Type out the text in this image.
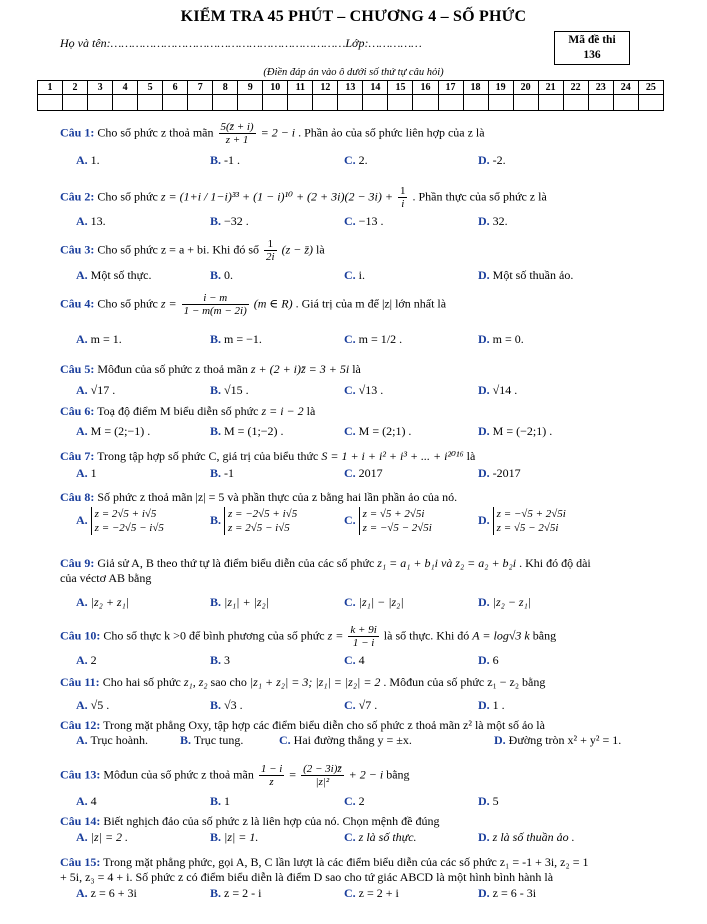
KIỂM TRA 45 PHÚT – CHƯƠNG 4 – SỐ PHỨC
Họ và tên:…………………………………………………………Lớp:……………	Mã đề thi
136
(Điền đáp án vào ô dưới số thứ tự câu hỏi)
1	2	3	4	5	6	7	8	9	10	11	12	13	14	15	16	17	18	19	20	21	22	23	24	25

Câu 1: Cho số phức z thoả mãn $\frac{5(z̄ + i)}{z + 1} = 2 - i$ . Phần ảo của số phức liên hợp của z là
A. 1.	B. -1 .	C. 2.	D. -2.
Câu 2: Cho số phức $z = (1+i / 1-i)^{33} + (1 - i)^{10} + (2 + 3i)(2 - 3i) + \frac{1}{i}$ . Phần thực của số phức z là
A. 13.	B. −32 .	C. −13 .	D. 32.
Câu 3: Cho số phức z = a + bi. Khi đó số $\frac{1}{2i} (z$ − z̄) là
A. Một số thực.	B. 0.	C. i.	D. Một số thuần ảo.
Câu 4: Cho số phức $z = \frac{i - m}{1 - m(m - 2i)} (m$ ∈ R) . Giá trị của m để |z| lớn nhất là
A. m = 1.	B. m = −1.	C. m = 1/2 .	D. m = 0.
Câu 5: Môđun của số phức z thoả mãn z + (2 + i)z̄ = 3 + 5i là
A. √17 .	B. √15 .	C. √13 .	D. √14 .
Câu 6: Toạ độ điểm M biểu diễn số phức z = i − 2 là
A. M = (2;−1) .	B. M = (1;−2) .	C. M = (2;1) .	D. M = (−2;1) .
Câu 7: Trong tập hợp số phức C, giá trị của biểu thức S = 1 + i + i² + i³ + ... + i²⁰¹⁶ là
A. 1	B. -1	C. 2017	D. -2017
Câu 8: Số phức z thoả mãn |z| = 5 và phần thực của z bằng hai lần phần ảo của nó.
A. z = 2√5 + i√5
z = −2√5 − i√5
B. z = −2√5 + i√5
z = 2√5 − i√5
C. z = √5 + 2√5i
z = −√5 − 2√5i
D. z = −√5 + 2√5i
z = √5 − 2√5i
Câu 9: Giả sử A, B theo thứ tự là điểm biểu diễn của các số phức z₁ = a₁ + b₁i và z₂ = a₂ + b₂i . Khi đó độ dài
của véctơ AB bằng
A. |z₂ + z₁|	B. |z₁| + |z₂|	C. |z₁| − |z₂|	D. |z₂ − z₁|
Câu 10: Cho số thực k >0 để bình phương của số phức $z = \frac{k + 9i}{1 - i}$ là số thực. Khi đó A = log√3 k bằng
A. 2	B. 3	C. 4	D. 6
Câu 11: Cho hai số phức z₁, z₂ sao cho |z₁ + z₂| = 3; |z₁| = |z₂| = 2 . Môđun của số phức z₁ − z₂ bằng
A. √5 .	B. √3 .	C. √7 .	D. 1 .
Câu 12: Trong mặt phẳng Oxy, tập hợp các điểm biểu diễn cho số phức z thoả mãn z² là một số ảo là
A. Trục hoành.	B. Trục tung.	C. Hai đường thẳng y = ±x.	D. Đường tròn x² + y² = 1.
Câu 13: Môđun của số phức z thoả mãn $\frac{1 - i}{z} = \frac{(2 - 3i)z̄}{\text{|z|²}} + 2 - i$ bằng
A. 4	B. 1	C. 2	D. 5
Câu 14: Biết nghịch đảo của số phức z là liên hợp của nó. Chọn mệnh đề đúng
A. |z| = 2 .	B. |z| = 1.	C. z là số thực.	D. z là số thuần ảo .
Câu 15: Trong mặt phẳng phức, gọi A, B, C lần lượt là các điểm biểu diễn của các số phức z₁ = -1 + 3i, z₂ = 1
+ 5i, z₃ = 4 + i. Số phức z có điểm biểu diễn là điểm D sao cho tứ giác ABCD là một hình bình hành là
A. z = 6 + 3i	B. z = 2 - i	C. z = 2 + i	D. z = 6 - 3i
